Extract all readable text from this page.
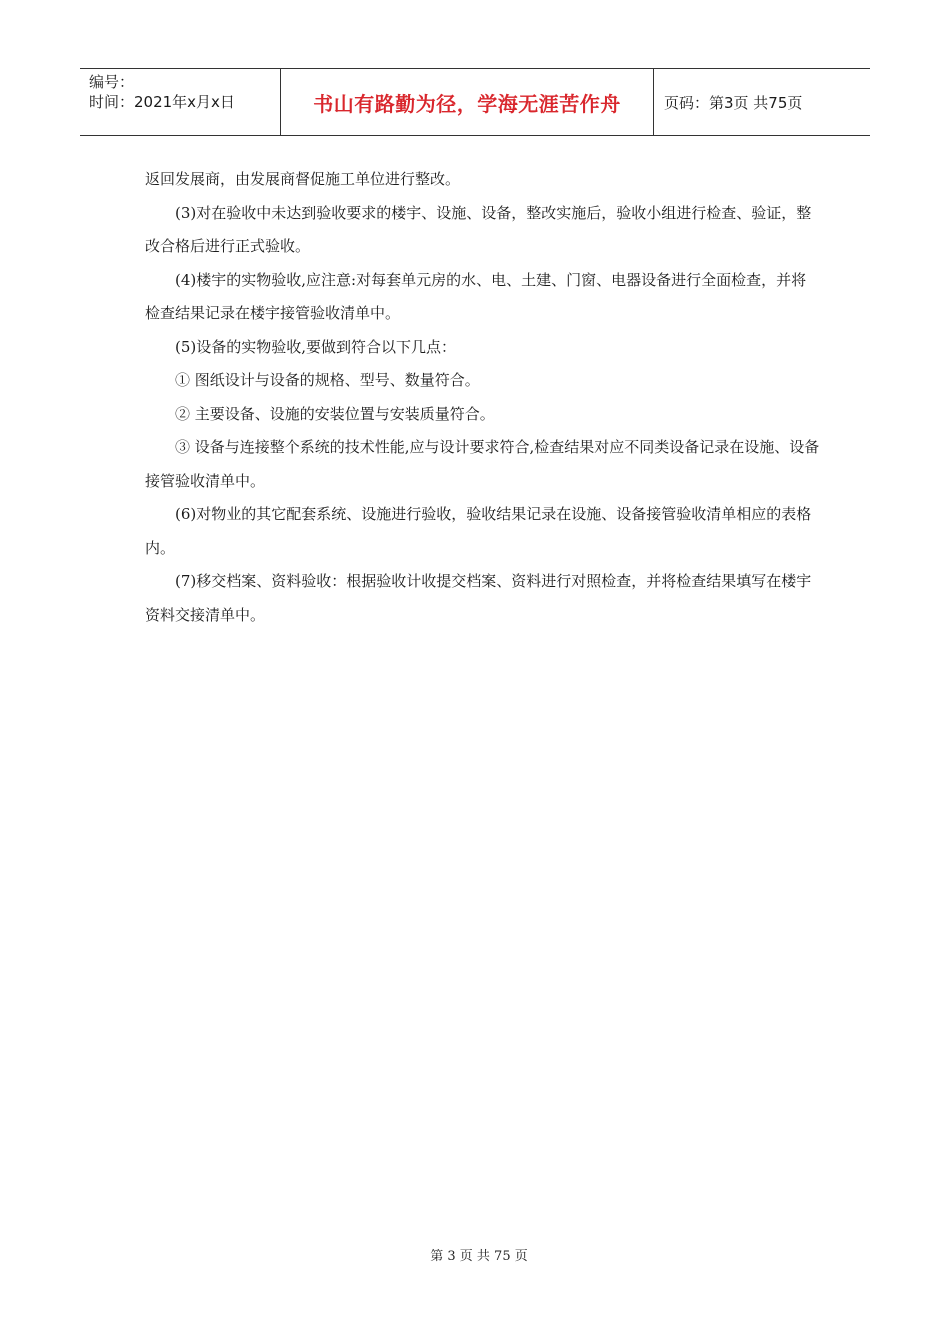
编号：
时间：2021年x月x日	书山有路勤为径，学海无涯苦作舟	页码：第3页 共75页

返回发展商，由发展商督促施工单位进行整改。

(3)对在验收中未达到验收要求的楼宇、设施、设备，整改实施后，验收小组进行检查、验证，整改合格后进行正式验收。

(4)楼宇的实物验收,应注意:对每套单元房的水、电、土建、门窗、电器设备进行全面检查，并将检查结果记录在楼宇接管验收清单中。

(5)设备的实物验收,要做到符合以下几点：

① 图纸设计与设备的规格、型号、数量符合。

② 主要设备、设施的安装位置与安装质量符合。

③ 设备与连接整个系统的技术性能,应与设计要求符合,检查结果对应不同类设备记录在设施、设备接管验收清单中。

(6)对物业的其它配套系统、设施进行验收，验收结果记录在设施、设备接管验收清单相应的表格内。

(7)移交档案、资料验收：根据验收计收提交档案、资料进行对照检查，并将检查结果填写在楼宇资料交接清单中。

第 3 页 共 75 页
